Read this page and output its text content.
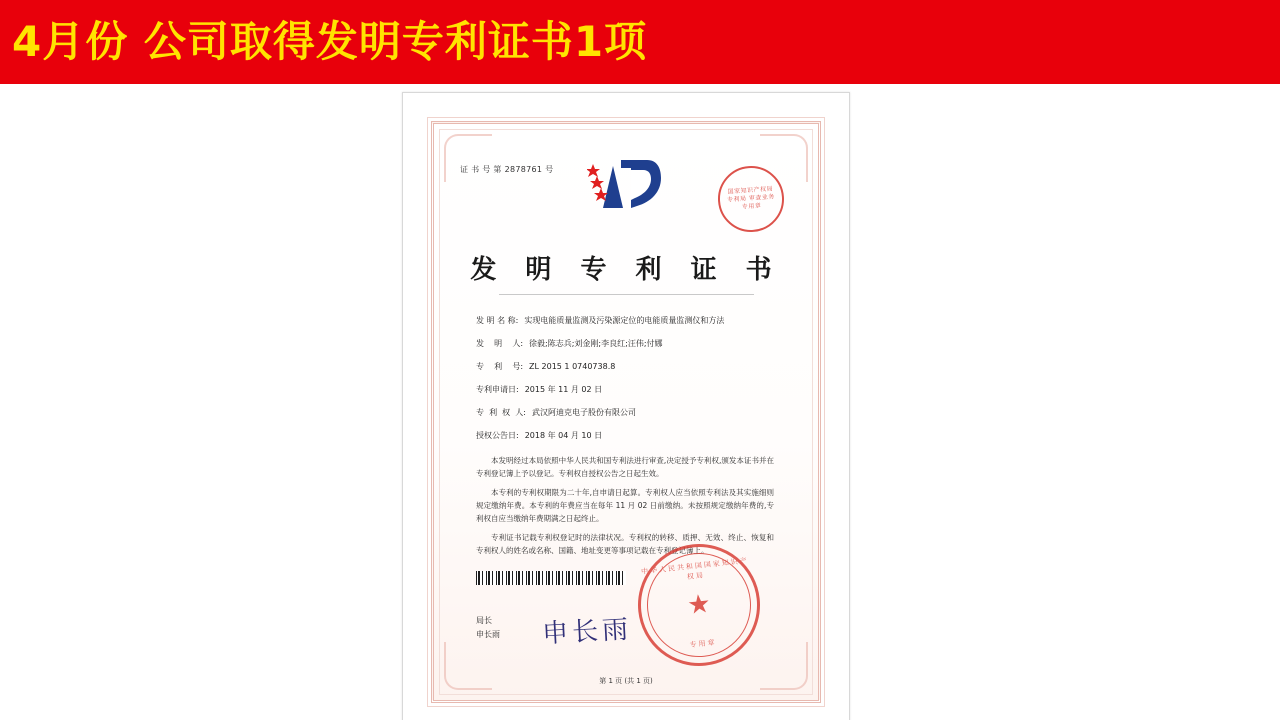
4月份 公司取得发明专利证书1项
证 书 号 第 2878761 号
国家知识产权局 专利局 审查业务专用章
发 明 专 利 证 书
发 明 名 称: 实现电能质量监测及污染源定位的电能质量监测仪和方法
发    明    人: 徐毅;陈志兵;刘金刚;李良红;汪伟;付娜
专    利    号: ZL 2015 1 0740738.8
专利申请日: 2015 年 11 月 02 日
专  利  权  人: 武汉阿迪克电子股份有限公司
授权公告日: 2018 年 04 月 10 日

本发明经过本局依照中华人民共和国专利法进行审查,决定授予专利权,颁发本证书并在专利登记簿上予以登记。专利权自授权公告之日起生效。

本专利的专利权期限为二十年,自申请日起算。专利权人应当依照专利法及其实施细则规定缴纳年费。本专利的年费应当在每年 11 月 02 日前缴纳。未按照规定缴纳年费的,专利权自应当缴纳年费期满之日起终止。

专利证书记载专利权登记时的法律状况。专利权的转移、质押、无效、终止、恢复和专利权人的姓名或名称、国籍、地址变更等事项记载在专利登记簿上。

局长
申长雨 申长雨
中华人民共和国国家知识产权局
★
专用章
第 1 页 (共 1 页)
